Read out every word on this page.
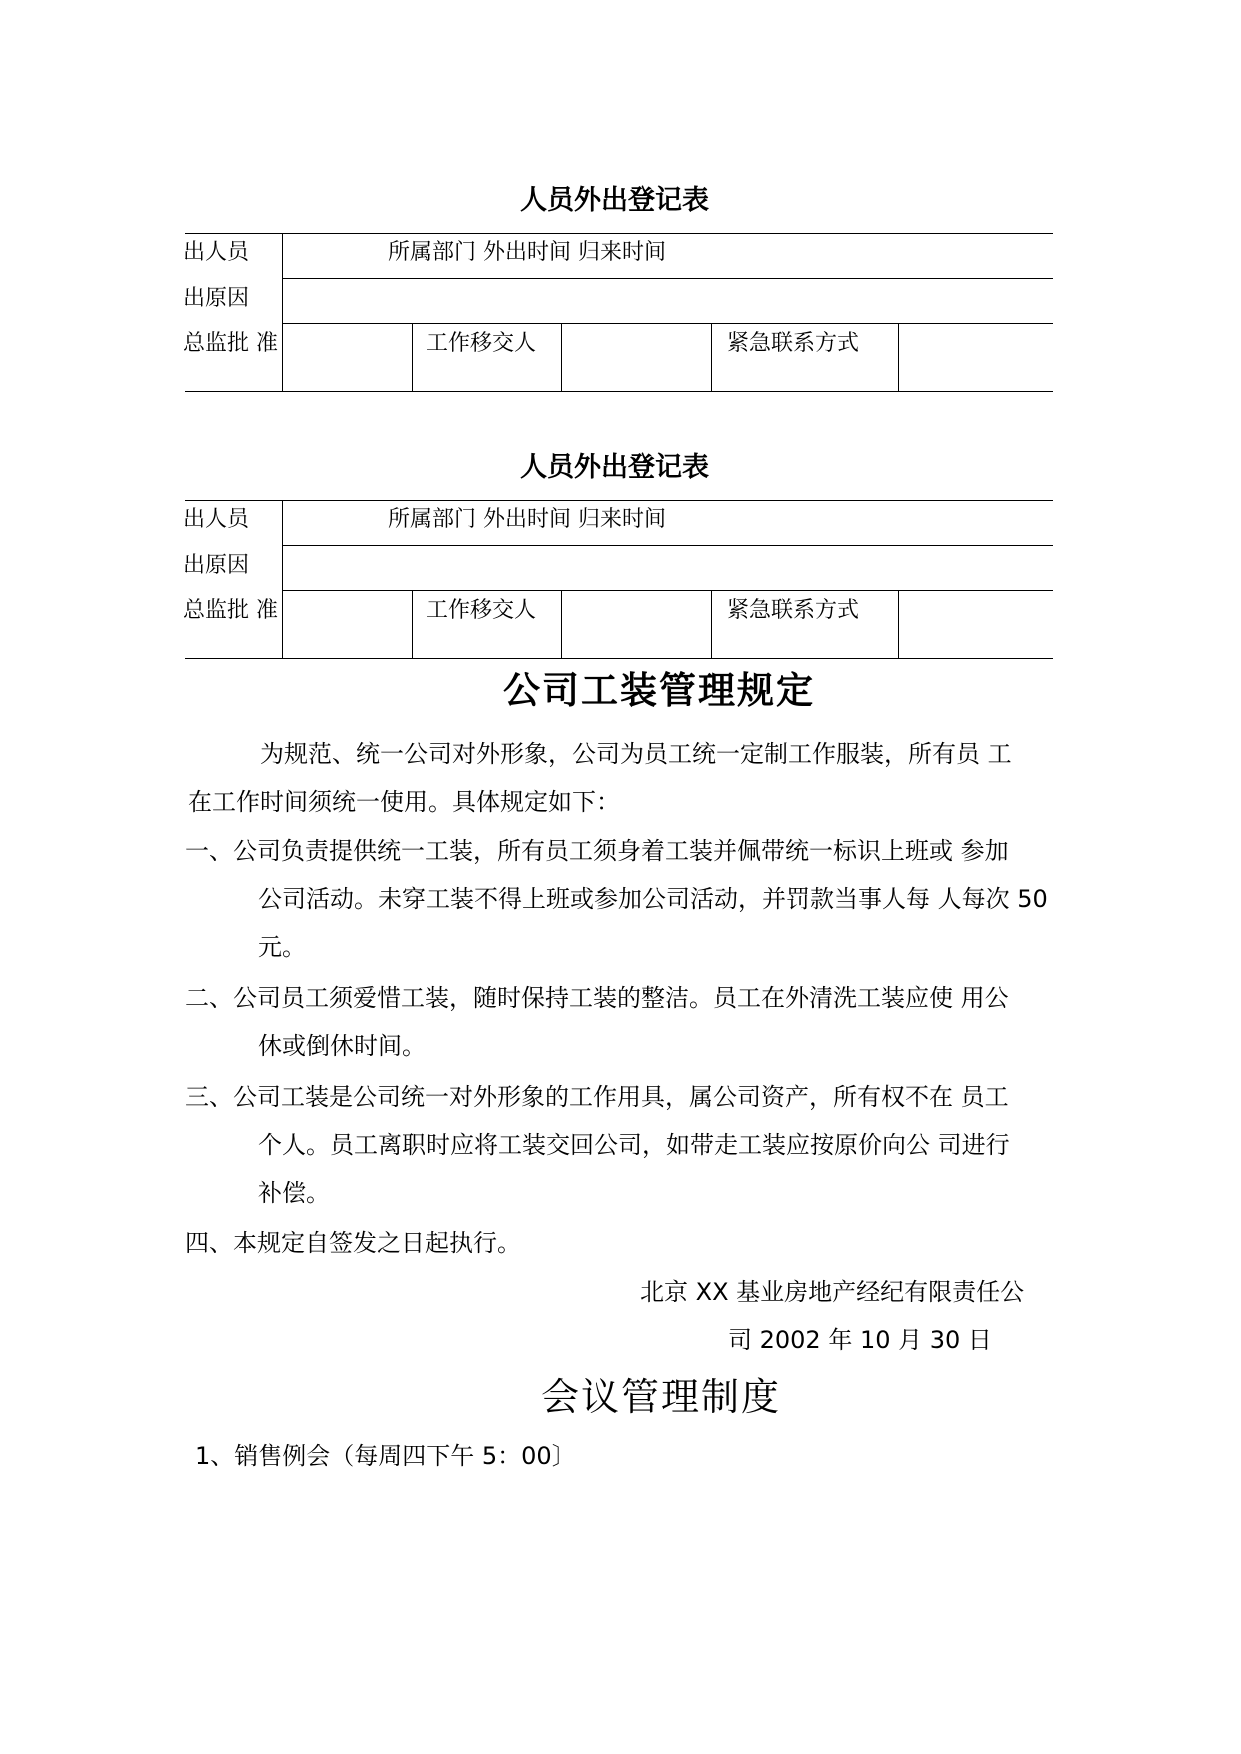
人员外出登记表
出人员	所属部门 外出时间 归来时间
出原因
总监批 准	工作移交人	紧急联系方式
人员外出登记表
出人员	所属部门 外出时间 归来时间
出原因
总监批 准	工作移交人	紧急联系方式
公司工装管理规定
为规范、统一公司对外形象，公司为员工统一定制工作服装，所有员 工
在工作时间须统一使用。具体规定如下：
一、公司负责提供统一工装，所有员工须身着工装并佩带统一标识上班或 参加
公司活动。未穿工装不得上班或参加公司活动，并罚款当事人每 人每次 50
元。
二、公司员工须爱惜工装，随时保持工装的整洁。员工在外清洗工装应使 用公
休或倒休时间。
三、公司工装是公司统一对外形象的工作用具，属公司资产，所有权不在 员工
个人。员工离职时应将工装交回公司，如带走工装应按原价向公 司进行
补偿。
四、本规定自签发之日起执行。
北京 XX 基业房地产经纪有限责任公
司 2002 年 10 月 30 日
会议管理制度
1、销售例会（每周四下午 5：00〕
